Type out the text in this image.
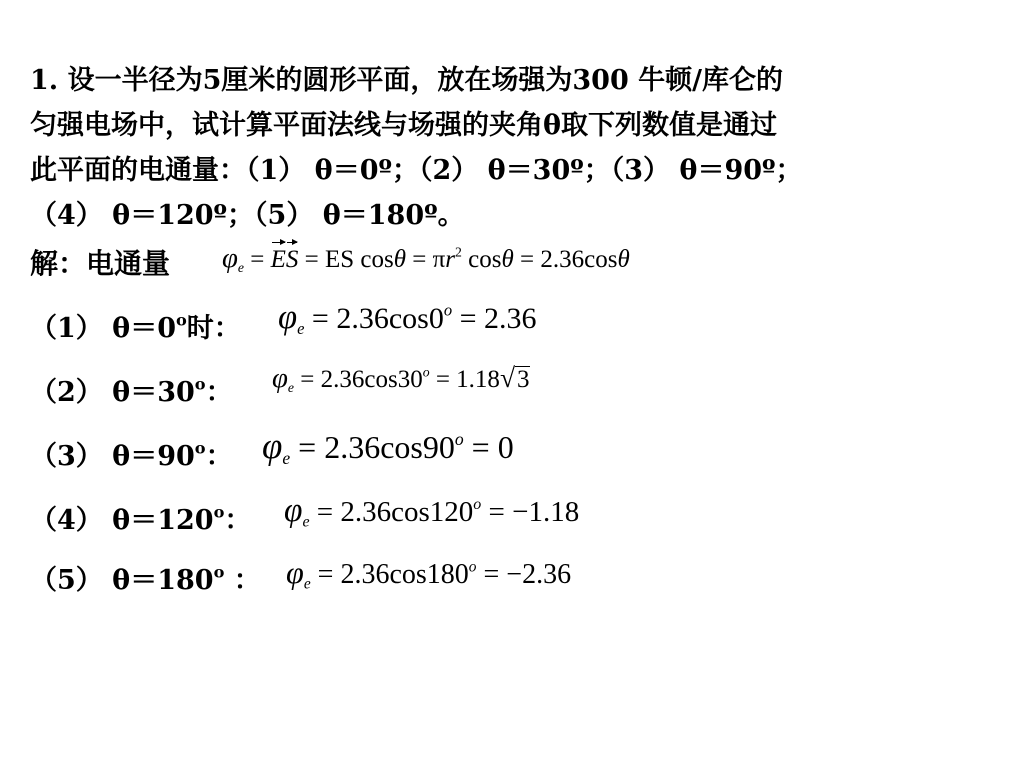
1. 设一半径为5厘米的圆形平面，放在场强为300 牛顿/库仑的
匀强电场中，试计算平面法线与场强的夹角θ取下列数值是通过
此平面的电通量：（1） θ＝0º；（2） θ＝30º；（3） θ＝90º；
（4） θ＝120º；（5） θ＝180º。
解：电通量 $\varphi_e$ = ES = ES $\cos\theta = \pi r^2$ cosθ = 2.36cosθ
（1） $\theta=0^o$时： $\varphi_e = 2.36\cos 0^o = 2.36$
（2） $\theta=30^o$： $\varphi_e = 2.36\cos 30^o = 1.18√3$
（3） $\theta=90^o$： $\varphi_e = 2.36\cos 90^o = 0$
（4） $\theta=120^o$： $\varphi_e = 2.36\cos 120^o = -1.18$
（5） $\theta=180^o$ ： $\varphi_e = 2.36\cos 180^o = -2.36$
